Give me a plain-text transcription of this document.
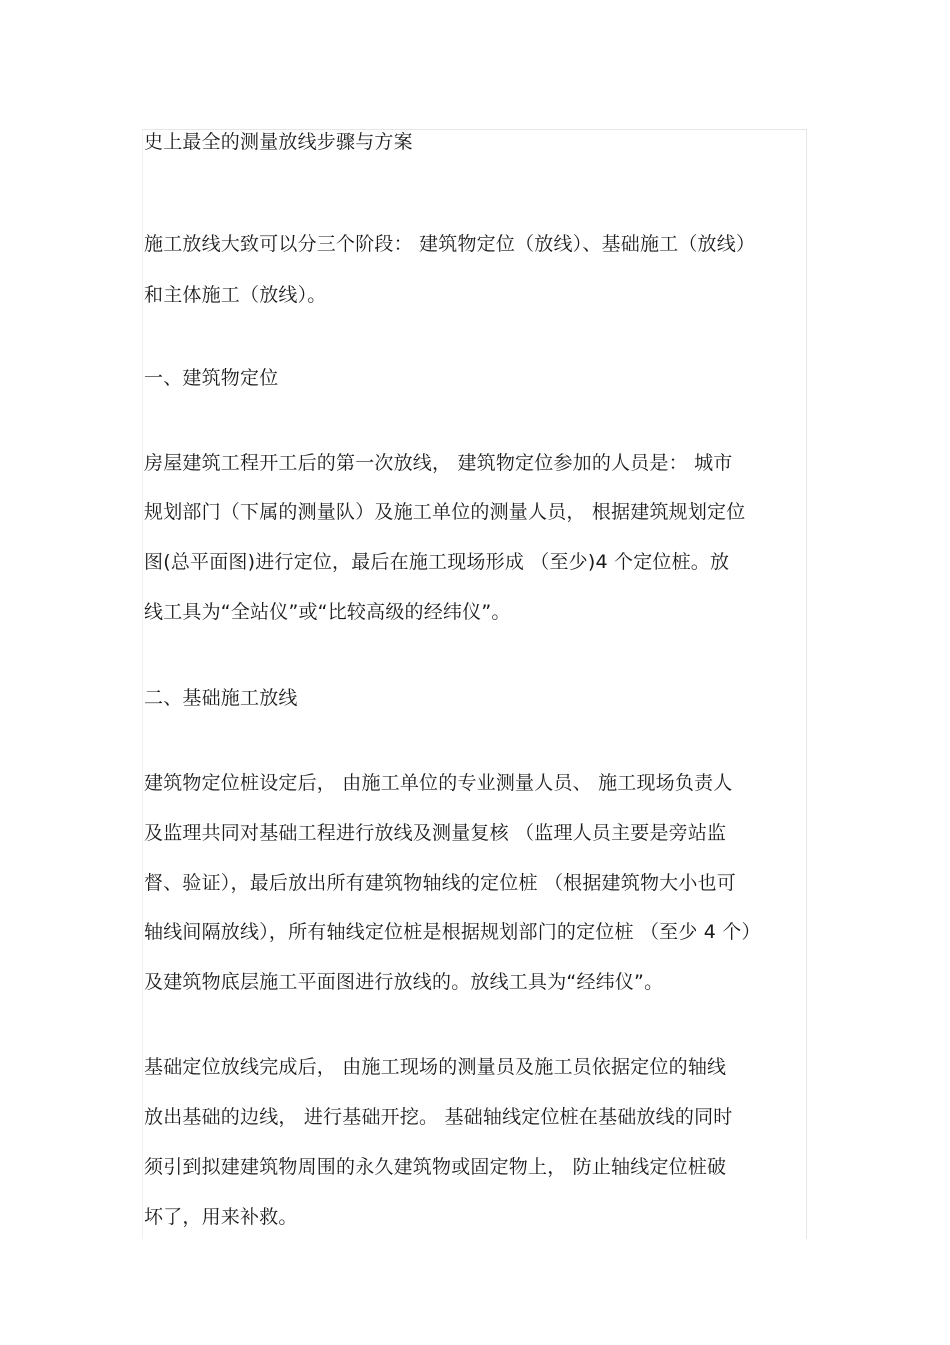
史上最全的测量放线步骤与方案
施工放线大致可以分三个阶段： 建筑物定位（放线）、基础施工（放线）
和主体施工（放线）。
一、建筑物定位
房屋建筑工程开工后的第一次放线， 建筑物定位参加的人员是： 城市
规划部门（下属的测量队）及施工单位的测量人员， 根据建筑规划定位
图(总平面图)进行定位，最后在施工现场形成 （至少)4 个定位桩。放
线工具为“全站仪”或“比较高级的经纬仪”。
二、基础施工放线
建筑物定位桩设定后， 由施工单位的专业测量人员、 施工现场负责人
及监理共同对基础工程进行放线及测量复核 （监理人员主要是旁站监
督、验证），最后放出所有建筑物轴线的定位桩 （根据建筑物大小也可
轴线间隔放线），所有轴线定位桩是根据规划部门的定位桩 （至少 4 个）
及建筑物底层施工平面图进行放线的。放线工具为“经纬仪”。
基础定位放线完成后， 由施工现场的测量员及施工员依据定位的轴线
放出基础的边线， 进行基础开挖。 基础轴线定位桩在基础放线的同时
须引到拟建建筑物周围的永久建筑物或固定物上， 防止轴线定位桩破
坏了，用来补救。
